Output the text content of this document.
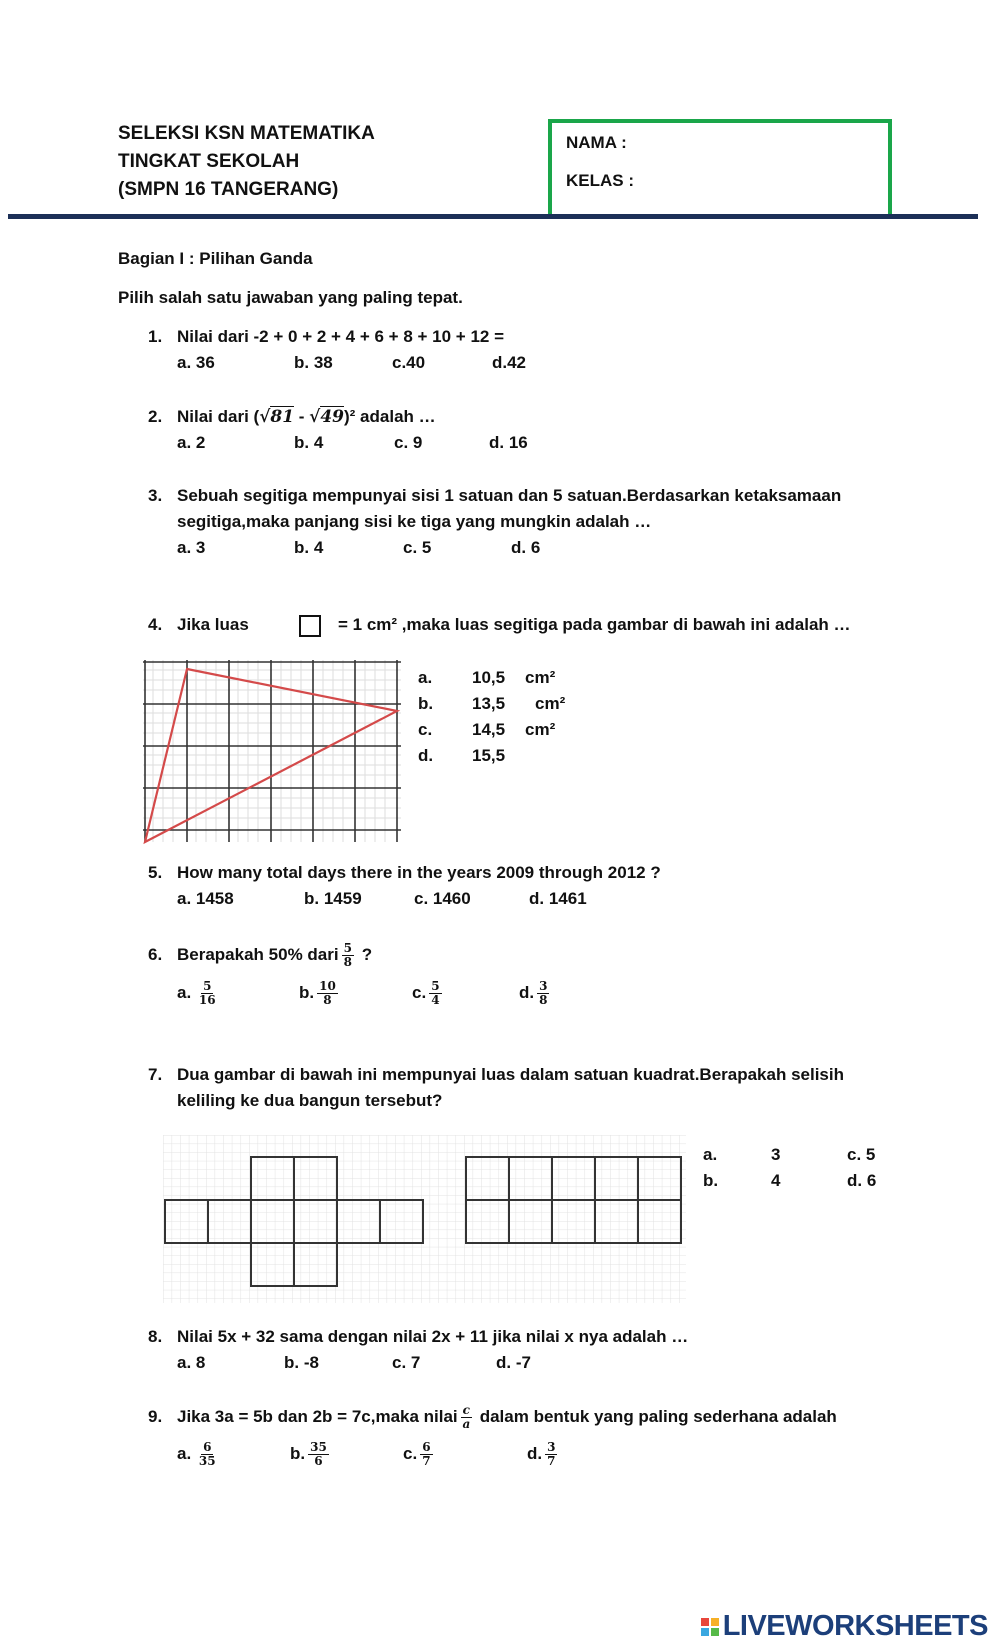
SELEKSI KSN MATEMATIKA
TINGKAT SEKOLAH
(SMPN 16 TANGERANG)
NAMA :
KELAS :
Bagian I : Pilihan Ganda
Pilih salah satu jawaban yang paling tepat.
1. Nilai dari -2 + 0 + 2 + 4 + 6 + 8 + 10 + 12 =
a. 36	b. 38	c.40	d.42
2. Nilai dari (√81 - √49)² adalah …
a. 2	b. 4	c. 9	d. 16
3. Sebuah segitiga mempunyai sisi 1 satuan dan 5 satuan.Berdasarkan ketaksamaan
segitiga,maka panjang sisi ke tiga yang mungkin adalah …
a. 3	b. 4	c. 5	d. 6
4. Jika luas	= 1 cm² ,maka luas segitiga pada gambar di bawah ini adalah …
a. 10,5 cm²
b. 13,5 cm²
c. 14,5 cm²
d. 15,5
5. How many total days there in the years 2009 through 2012 ?
a. 1458	b. 1459	c. 1460	d. 1461
6. Berapakah 50% dari $\frac{5}{8}$ ?
a. $\frac{5}{16}$	b. $\frac{10}{8}$	c. $\frac{5}{4}$	d. $\frac{3}{8}$
7. Dua gambar di bawah ini mempunyai luas dalam satuan kuadrat.Berapakah selisih
keliling ke dua bangun tersebut?
a.	3	c. 5
b.	4	d. 6
8. Nilai 5x + 32 sama dengan nilai 2x + 11 jika nilai x nya adalah …
a. 8	b. -8	c. 7	d. -7
9. Jika 3a = 5b dan 2b = 7c,maka nilai $\frac{c}{a}$ dalam bentuk yang paling sederhana adalah
a. $\frac{6}{35}$	b. $\frac{35}{6}$	c. $\frac{6}{7}$	d. $\frac{3}{7}$
LIVEWORKSHEETS
